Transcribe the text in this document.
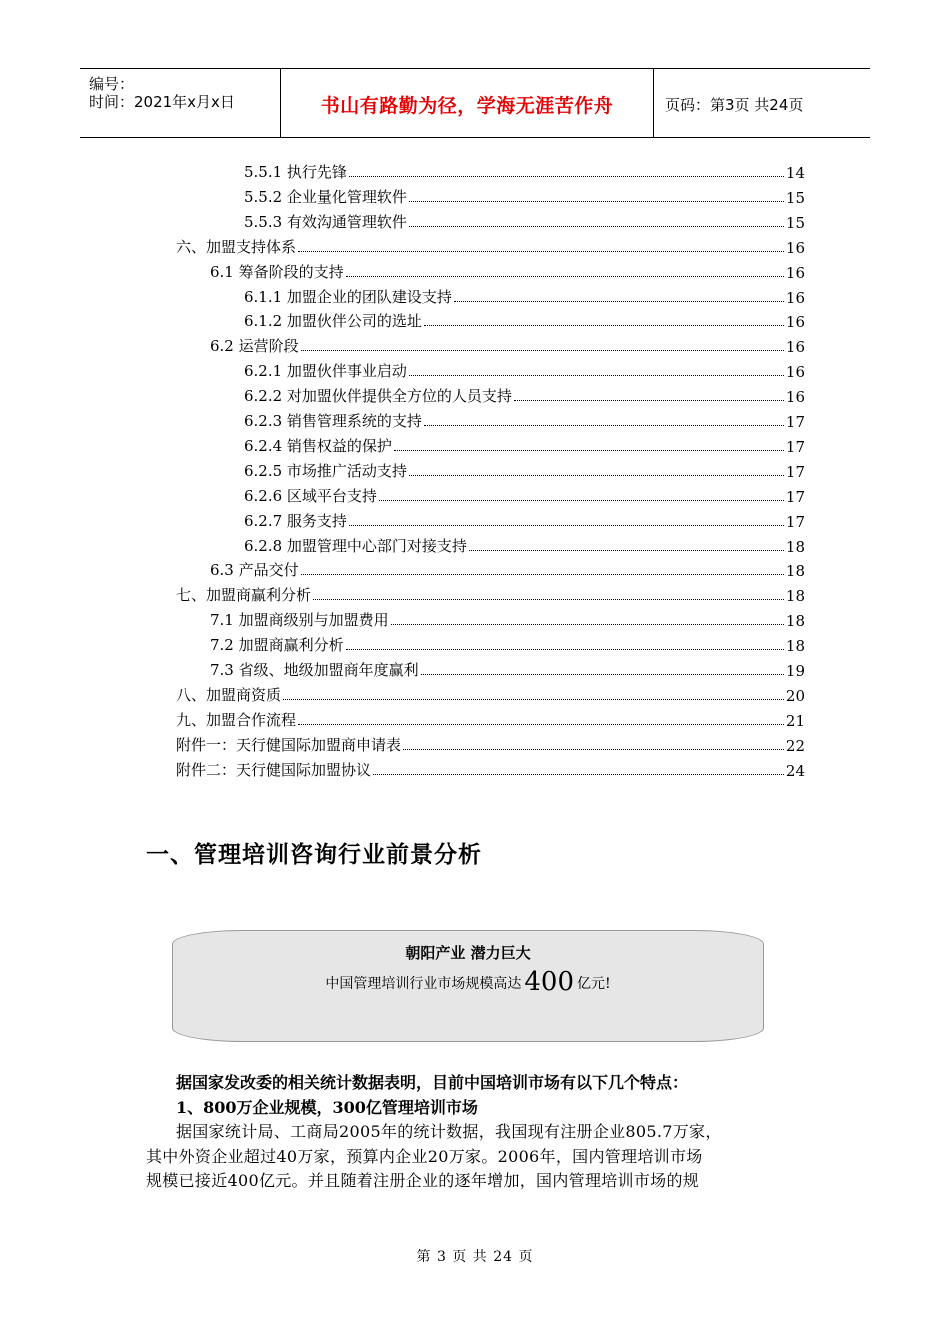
编号：
时间：2021年x月x日	书山有路勤为径，学海无涯苦作舟	页码：第3页 共24页
5.5.1 执行先锋	14
5.5.2 企业量化管理软件	15
5.5.3 有效沟通管理软件	15
六、加盟支持体系	16
6.1 筹备阶段的支持	16
6.1.1 加盟企业的团队建设支持	16
6.1.2 加盟伙伴公司的选址	16
6.2 运营阶段	16
6.2.1 加盟伙伴事业启动	16
6.2.2 对加盟伙伴提供全方位的人员支持	16
6.2.3 销售管理系统的支持	17
6.2.4 销售权益的保护	17
6.2.5 市场推广活动支持	17
6.2.6 区域平台支持	17
6.2.7 服务支持	17
6.2.8 加盟管理中心部门对接支持	18
6.3 产品交付	18
七、加盟商赢利分析	18
7.1 加盟商级别与加盟费用	18
7.2 加盟商赢利分析	18
7.3 省级、地级加盟商年度赢利	19
八、加盟商资质	20
九、加盟合作流程	21
附件一：天行健国际加盟商申请表	22
附件二：天行健国际加盟协议	24
一、管理培训咨询行业前景分析
朝阳产业 潜力巨大
中国管理培训行业市场规模高达 400 亿元!
据国家发改委的相关统计数据表明，目前中国培训市场有以下几个特点：
1、800万企业规模，300亿管理培训市场
据国家统计局、工商局2005年的统计数据，我国现有注册企业805.7万家，
其中外资企业超过40万家，预算内企业20万家。2006年，国内管理培训市场
规模已接近400亿元。并且随着注册企业的逐年增加，国内管理培训市场的规
第 3 页 共 24 页
